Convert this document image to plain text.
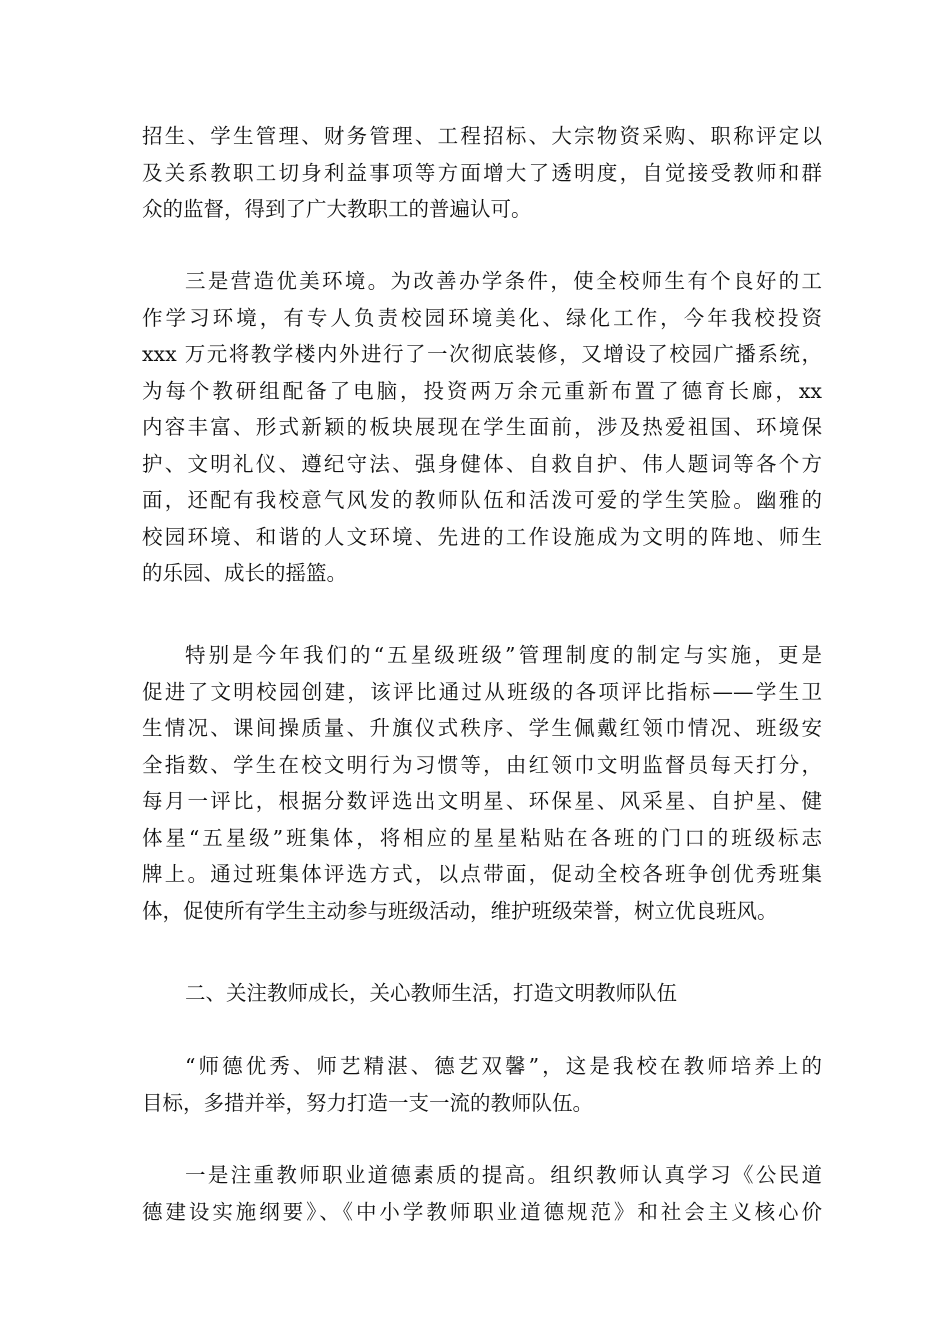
招生、学生管理、财务管理、工程招标、大宗物资采购、职称评定以
及关系教职工切身利益事项等方面增大了透明度，自觉接受教师和群
众的监督，得到了广大教职工的普遍认可。
三是营造优美环境。为改善办学条件，使全校师生有个良好的工
作学习环境，有专人负责校园环境美化、绿化工作，今年我校投资
xxx 万元将教学楼内外进行了一次彻底装修，又增设了校园广播系统，
为每个教研组配备了电脑，投资两万余元重新布置了德育长廊，xx
内容丰富、形式新颖的板块展现在学生面前，涉及热爱祖国、环境保
护、文明礼仪、遵纪守法、强身健体、自救自护、伟人题词等各个方
面，还配有我校意气风发的教师队伍和活泼可爱的学生笑脸。幽雅的
校园环境、和谐的人文环境、先进的工作设施成为文明的阵地、师生
的乐园、成长的摇篮。
特别是今年我们的“五星级班级”管理制度的制定与实施，更是
促进了文明校园创建，该评比通过从班级的各项评比指标——学生卫
生情况、课间操质量、升旗仪式秩序、学生佩戴红领巾情况、班级安
全指数、学生在校文明行为习惯等，由红领巾文明监督员每天打分，
每月一评比，根据分数评选出文明星、环保星、风采星、自护星、健
体星“五星级”班集体，将相应的星星粘贴在各班的门口的班级标志
牌上。通过班集体评选方式，以点带面，促动全校各班争创优秀班集
体，促使所有学生主动参与班级活动，维护班级荣誉，树立优良班风。
二、关注教师成长，关心教师生活，打造文明教师队伍
“师德优秀、师艺精湛、德艺双馨”，这是我校在教师培养上的
目标，多措并举，努力打造一支一流的教师队伍。
一是注重教师职业道德素质的提高。组织教师认真学习《公民道
德建设实施纲要》、《中小学教师职业道德规范》和社会主义核心价
